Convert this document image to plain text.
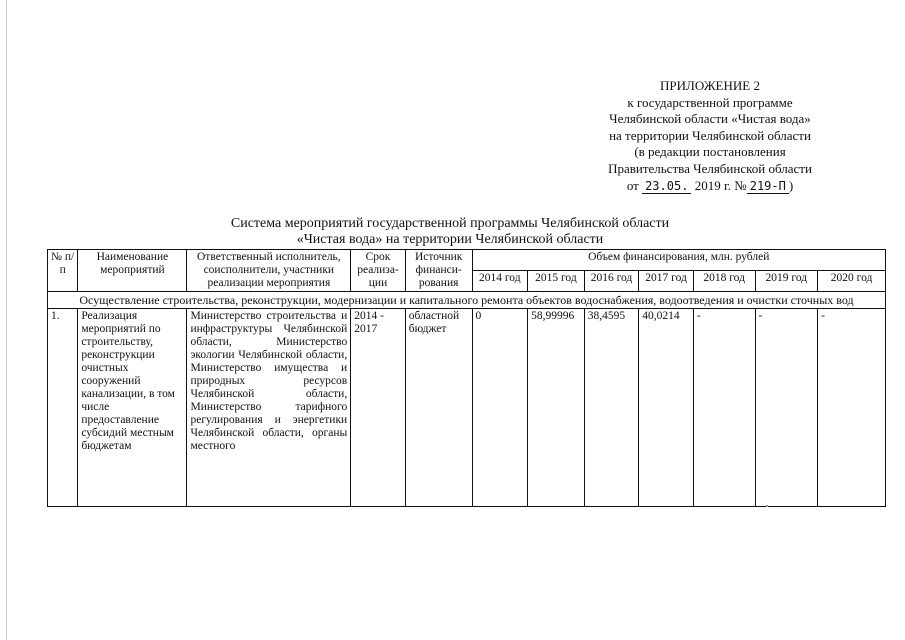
ПРИЛОЖЕНИЕ 2
к государственной программе
Челябинской области «Чистая вода»
на территории Челябинской области
(в редакции постановления
Правительства Челябинской области
от 23.05. 2019 г. № 219-П )
Система мероприятий государственной программы Челябинской области
«Чистая вода» на территории Челябинской области
№ п/п	Наименование мероприятий	Ответственный исполнитель, соисполнители, участники реализации мероприятия	Срок реализа-ции	Источник финанси-рования	Объем финансирования, млн. рублей						
					2014 год	2015 год	2016 год	2017 год	2018 год	2019 год	2020 год
Осуществление строительства, реконструкции, модернизации и капитального ремонта объектов водоснабжения, водоотведения и очистки сточных вод											
1.	Реализация мероприятий по строительству, реконструкции очистных сооружений канализации, в том числе предоставление субсидий местным бюджетам	Министерство строительства и инфраструктуры Челябинской области, Министерство экологии Челябинской области, Министерство имущества и природных ресурсов Челябинской области, Министерство тарифного регулирования и энергетики Челябинской области, органы местного	2014 - 2017	областной бюджет	0	58,99996	38,4595	40,0214	-	-	-
